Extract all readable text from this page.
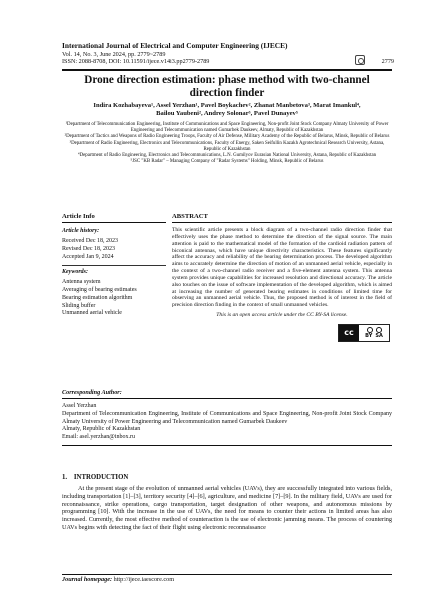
International Journal of Electrical and Computer Engineering (IJECE)
Vol. 14, No. 3, June 2024, pp. 2779~2789
ISSN: 2088-8708, DOI: 10.11591/ijece.v14i3.pp2779-2789	2779
Drone direction estimation: phase method with two-channel direction finder
Indira Kozhabayeva¹, Assel Yerzhan¹, Pavel Boykachev², Zhanat Manbetova³, Marat Imankul⁴,
Bailou Yaubeni², Andrey Solonar⁵, Pavel Dunayev⁵
¹Department of Telecommunication Engineering, Institute of Communications and Space Engineering, Non-profit Joint Stock Company Almaty University of Power Engineering and Telecommunication named Gumarbek Daukeev, Almaty, Republic of Kazakhstan
²Department of Tactics and Weapons of Radio Engineering Troops, Faculty of Air Defense, Military Academy of the Republic of Belarus, Minsk, Republic of Belarus
³Department of Radio Engineering, Electronics and Telecommunications, Faculty of Energy, Saken Seifullin Kazakh Agrotechnical Research University, Astana, Republic of Kazakhstan
⁴Department of Radio Engineering, Electronics and Telecommunications, L.N. Gumilyov Eurasian National University, Astana, Republic of Kazakhstan
⁵JSC "KB Radar" – Managing Company of "Radar Systems" Holding, Minsk, Republic of Belarus
Article Info
Article history:
Received Dec 18, 2023
Revised Dec 18, 2023
Accepted Jan 9, 2024
Keywords:
Antenna system
Averaging of bearing estimates
Bearing estimation algorithm
Sliding buffer
Unmanned aerial vehicle
ABSTRACT
This scientific article presents a block diagram of a two-channel radio direction finder that effectively uses the phase method to determine the direction of the signal source. The main attention is paid to the mathematical model of the formation of the cardioid radiation pattern of biconical antennas, which have unique directivity characteristics. These features significantly affect the accuracy and reliability of the bearing determination process. The developed algorithm aims to accurately determine the direction of motion of an unmanned aerial vehicle, especially in the context of a two-channel radio receiver and a five-element antenna system. This antenna system provides unique capabilities for increased resolution and directional accuracy. The article also touches on the issue of software implementation of the developed algorithm, which is aimed at increasing the number of generated bearing estimates in conditions of limited time for observing an unmanned aerial vehicle. Thus, the proposed method is of interest in the field of precision direction finding in the context of small unmanned vehicles.
This is an open access article under the CC BY-SA license.
cc	BY SA
Corresponding Author:
Assel Yerzhan
Department of Telecommunication Engineering, Institute of Communications and Space Engineering, Non-profit Joint Stock Company Almaty University of Power Engineering and Telecommunication named Gumarbek Daukeev
Almaty, Republic of Kazakhstan
Email: asel.yerzhan@inbox.ru
1.    INTRODUCTION
At the present stage of the evolution of unmanned aerial vehicles (UAVs), they are successfully integrated into various fields, including transportation [1]–[3], territory security [4]–[6], agriculture, and medicine [7]–[9]. In the military field, UAVs are used for reconnaissance, strike operations, cargo transportation, target designation of other weapons, and autonomous missions by programming [10]. With the increase in the use of UAVs, the need for means to counter their actions in limited areas has also increased. Currently, the most effective method of counteraction is the use of electronic jamming means. The process of countering UAVs begins with detecting the fact of their flight using electronic reconnaissance
Journal homepage: http://ijece.iaescore.com
